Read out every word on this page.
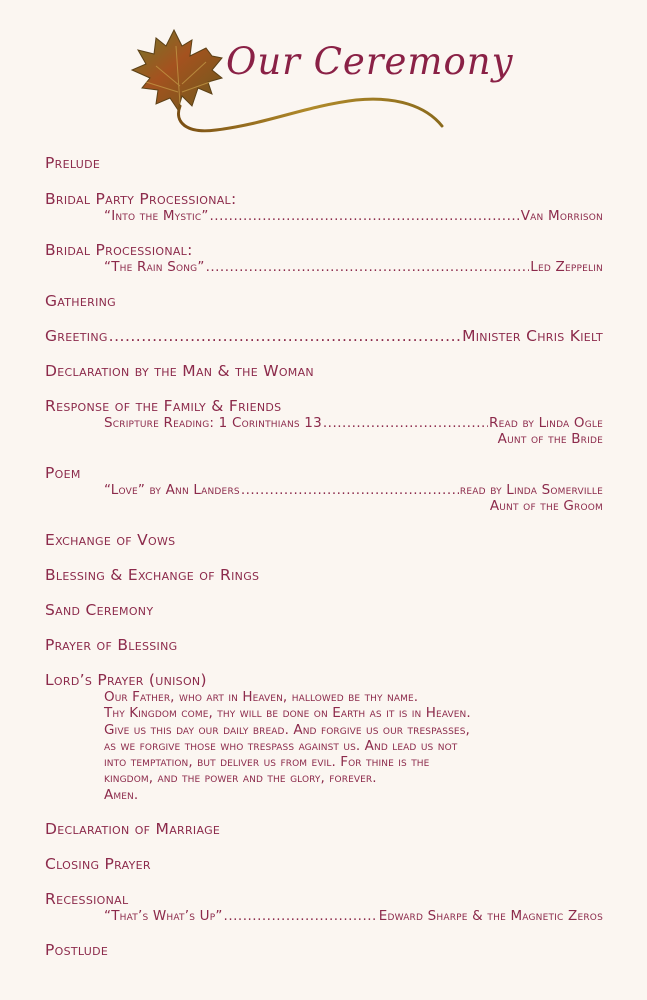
Our Ceremony
Prelude
Bridal Party Processional:
“Into the Mystic” .....	Van Morrison
Bridal Processional:
“The Rain Song” .....	Led Zeppelin
Gathering
Greeting .....	Minister Chris Kielt
Declaration by the Man & the Woman
Response of the Family & Friends
Scripture Reading: 1 Corinthians 13 .....	Read by Linda Ogle
Aunt of the Bride
Poem
“Love” by Ann Landers .....	read by Linda Somerville
Aunt of the Groom
Exchange of Vows
Blessing & Exchange of Rings
Sand Ceremony
Prayer of Blessing
Lord’s Prayer (unison)
Our Father, who art in Heaven, hallowed be thy name.
Thy Kingdom come, thy will be done on Earth as it is in Heaven.
Give us this day our daily bread. And forgive us our trespasses,
as we forgive those who trespass against us. And lead us not
into temptation, but deliver us from evil. For thine is the
kingdom, and the power and the glory, forever.
Amen.
Declaration of Marriage
Closing Prayer
Recessional
“That’s What’s Up” .....	Edward Sharpe & the Magnetic Zeros
Postlude
